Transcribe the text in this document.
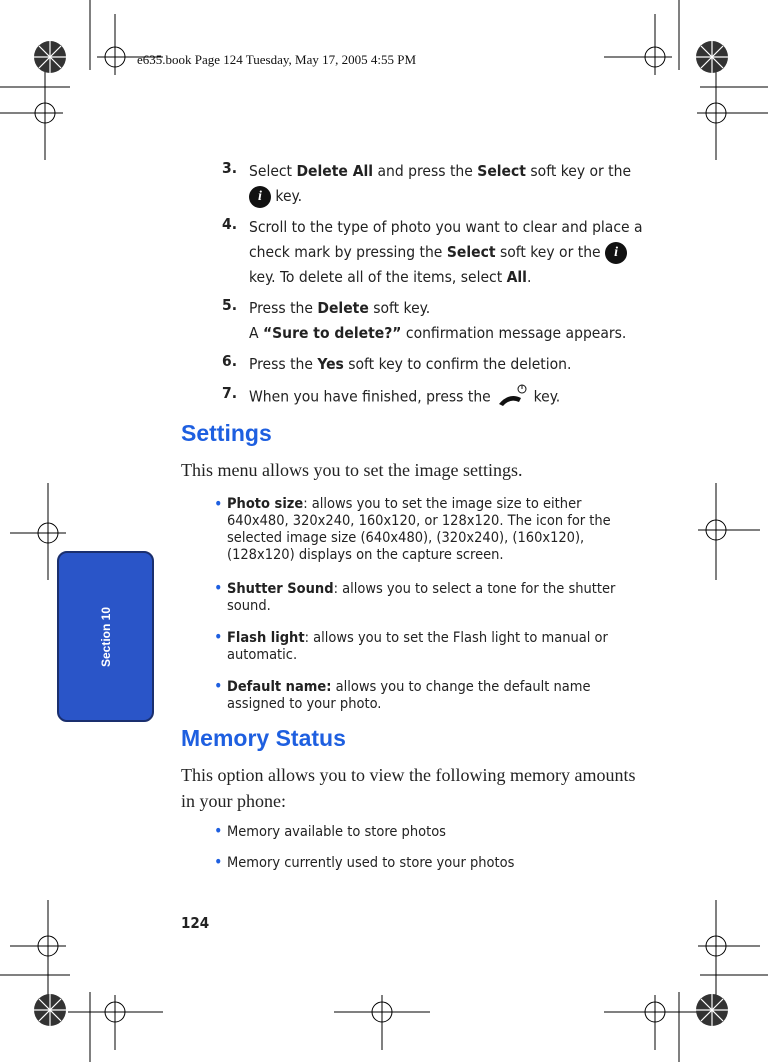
e635.book Page 124 Tuesday, May 17, 2005 4:55 PM
Section 10
3. Select Delete All and press the Select soft key or the
i key.
4. Scroll to the type of photo you want to clear and place a
check mark by pressing the Select soft key or the i
key. To delete all of the items, select All.
5. Press the Delete soft key.
A “Sure to delete?” confirmation message appears.
6. Press the Yes soft key to confirm the deletion.
7. When you have finished, press the  key.
Settings
This menu allows you to set the image settings.
• Photo size: allows you to set the image size to either 640x480, 320x240, 160x120, or 128x120. The icon for the selected image size (640x480), (320x240), (160x120), (128x120) displays on the capture screen.
• Shutter Sound: allows you to select a tone for the shutter sound.
• Flash light: allows you to set the Flash light to manual or automatic.
• Default name: allows you to change the default name assigned to your photo.
Memory Status
This option allows you to view the following memory amounts in your phone:
• Memory available to store photos
• Memory currently used to store your photos
124
